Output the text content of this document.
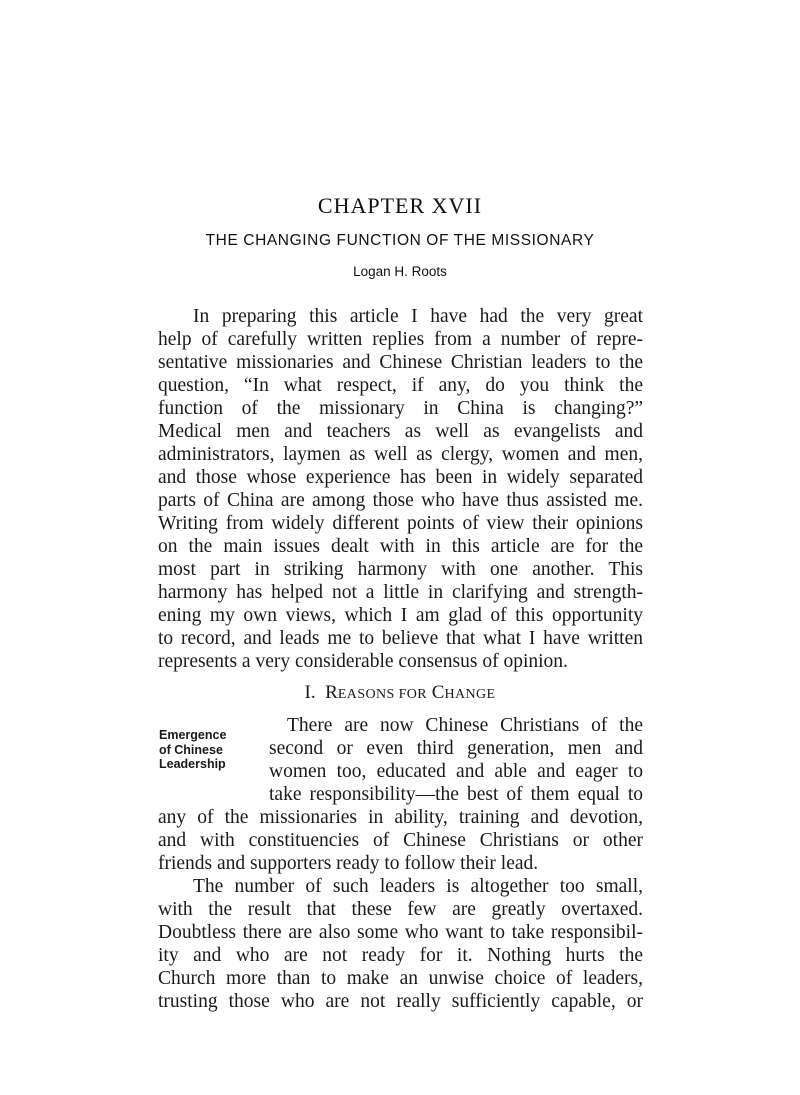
CHAPTER XVII
THE CHANGING FUNCTION OF THE MISSIONARY
Logan H. Roots
In preparing this article I have had the very great
help of carefully written replies from a number of repre-
sentative missionaries and Chinese Christian leaders to the
question, “In what respect, if any, do you think the
function of the missionary in China is changing?”
Medical men and teachers as well as evangelists and
administrators, laymen as well as clergy, women and men,
and those whose experience has been in widely separated
parts of China are among those who have thus assisted me.
Writing from widely different points of view their opinions
on the main issues dealt with in this article are for the
most part in striking harmony with one another. This
harmony has helped not a little in clarifying and strength-
ening my own views, which I am glad of this opportunity
to record, and leads me to believe that what I have written
represents a very considerable consensus of opinion.
I. REASONS FOR CHANGE
Emergence
of Chinese
Leadership
There are now Chinese Christians of the
second or even third generation, men and
women too, educated and able and eager to
take responsibility—the best of them equal to
any of the missionaries in ability, training and devotion,
and with constituencies of Chinese Christians or other
friends and supporters ready to follow their lead.
The number of such leaders is altogether too small,
with the result that these few are greatly overtaxed.
Doubtless there are also some who want to take responsibil-
ity and who are not ready for it. Nothing hurts the
Church more than to make an unwise choice of leaders,
trusting those who are not really sufficiently capable, or
